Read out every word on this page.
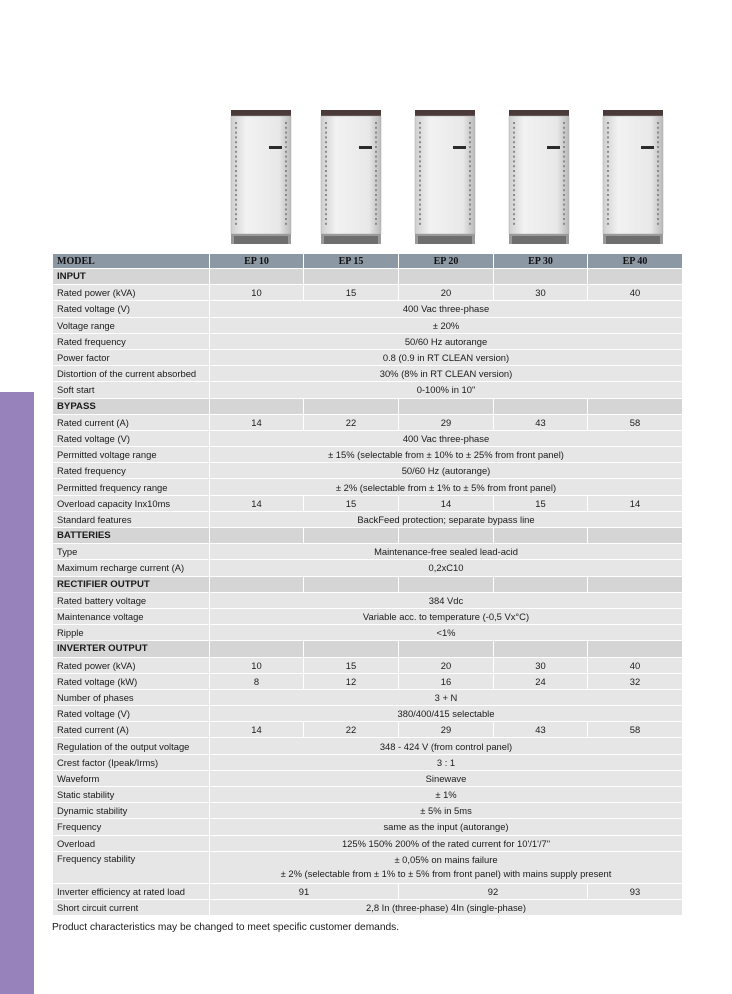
MODEL	EP 10	EP 15	EP 20	EP 30	EP 40
INPUT					
Rated power (kVA)	10	15	20	30	40
Rated voltage (V)	400 Vac three-phase				
Voltage range	± 20%				
Rated frequency	50/60 Hz autorange				
Power factor	0.8 (0.9 in RT CLEAN version)				
Distortion of the current absorbed	30% (8% in RT CLEAN version)				
Soft start	0-100% in 10"				
BYPASS					
Rated current (A)	14	22	29	43	58
Rated voltage (V)	400 Vac three-phase				
Permitted voltage range	± 15% (selectable from ± 10% to ± 25% from front panel)				
Rated frequency	50/60 Hz (autorange)				
Permitted frequency range	± 2% (selectable from ± 1% to ± 5% from front panel)				
Overload capacity Inx10ms	14	15	14	15	14
Standard features	BackFeed protection; separate bypass line				
BATTERIES					
Type	Maintenance-free sealed lead-acid				
Maximum recharge current (A)	0,2xC10				
RECTIFIER OUTPUT					
Rated battery voltage	384 Vdc				
Maintenance voltage	Variable acc. to temperature (-0,5 Vx°C)				
Ripple	<1%				
INVERTER OUTPUT					
Rated power (kVA)	10	15	20	30	40
Rated voltage (kW)	8	12	16	24	32
Number of phases	3 + N				
Rated voltage (V)	380/400/415 selectable				
Rated current (A)	14	22	29	43	58
Regulation of the output voltage	348 - 424 V (from control panel)				
Crest factor (Ipeak/Irms)	3 : 1				
Waveform	Sinewave				
Static stability	± 1%				
Dynamic stability	± 5% in 5ms				
Frequency	same as the input (autorange)				
Overload	125% 150% 200% of the rated current for 10'/1'/7"				
Frequency stability	± 0,05% on mains failure
± 2% (selectable from ± 1% to ± 5% from front panel) with mains supply present				

Inverter efficiency at rated load	91		92		93
Short circuit current	2,8 In (three-phase) 4In (single-phase)				
Product characteristics may be changed to meet specific customer demands.
